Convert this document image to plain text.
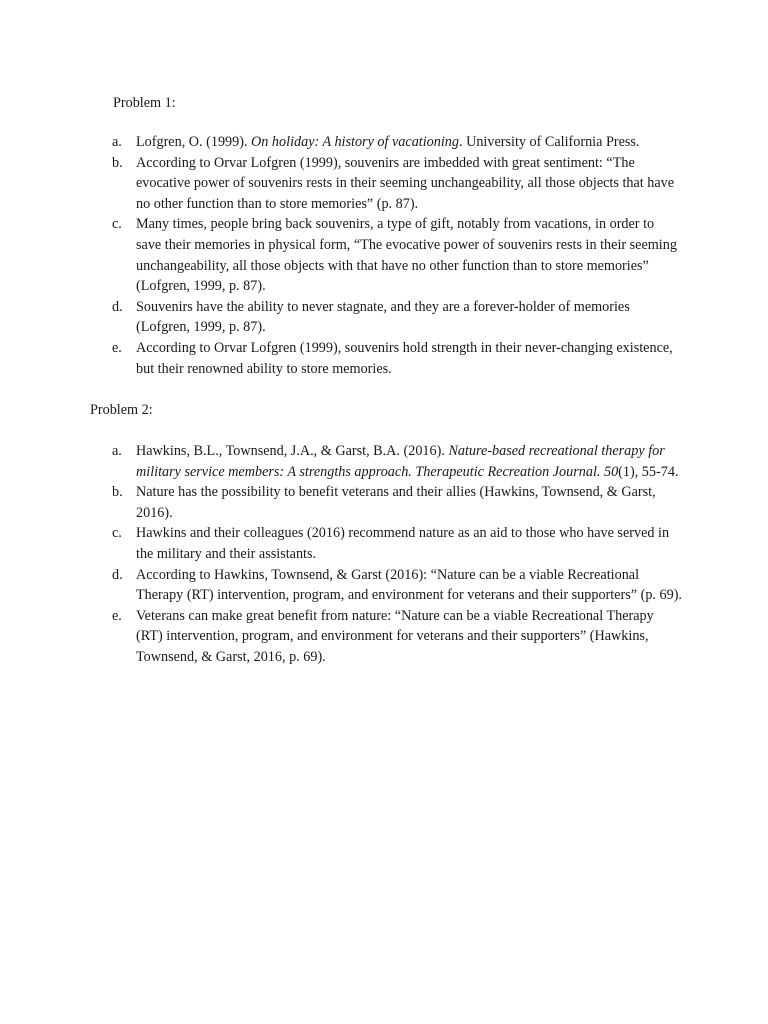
Problem 1:
a. Lofgren, O. (1999). On holiday: A history of vacationing. University of California Press.
b. According to Orvar Lofgren (1999), souvenirs are imbedded with great sentiment: “The evocative power of souvenirs rests in their seeming unchangeability, all those objects that have no other function than to store memories” (p. 87).
c. Many times, people bring back souvenirs, a type of gift, notably from vacations, in order to save their memories in physical form, “The evocative power of souvenirs rests in their seeming unchangeability, all those objects with that have no other function than to store memories” (Lofgren, 1999, p. 87).
d. Souvenirs have the ability to never stagnate, and they are a forever-holder of memories (Lofgren, 1999, p. 87).
e. According to Orvar Lofgren (1999), souvenirs hold strength in their never-changing existence, but their renowned ability to store memories.
Problem 2:
a. Hawkins, B.L., Townsend, J.A., & Garst, B.A. (2016). Nature-based recreational therapy for military service members: A strengths approach. Therapeutic Recreation Journal. 50(1), 55-74.
b. Nature has the possibility to benefit veterans and their allies (Hawkins, Townsend, & Garst, 2016).
c. Hawkins and their colleagues (2016) recommend nature as an aid to those who have served in the military and their assistants.
d. According to Hawkins, Townsend, & Garst (2016): “Nature can be a viable Recreational Therapy (RT) intervention, program, and environment for veterans and their supporters” (p. 69).
e. Veterans can make great benefit from nature: “Nature can be a viable Recreational Therapy (RT) intervention, program, and environment for veterans and their supporters” (Hawkins, Townsend, & Garst, 2016, p. 69).
